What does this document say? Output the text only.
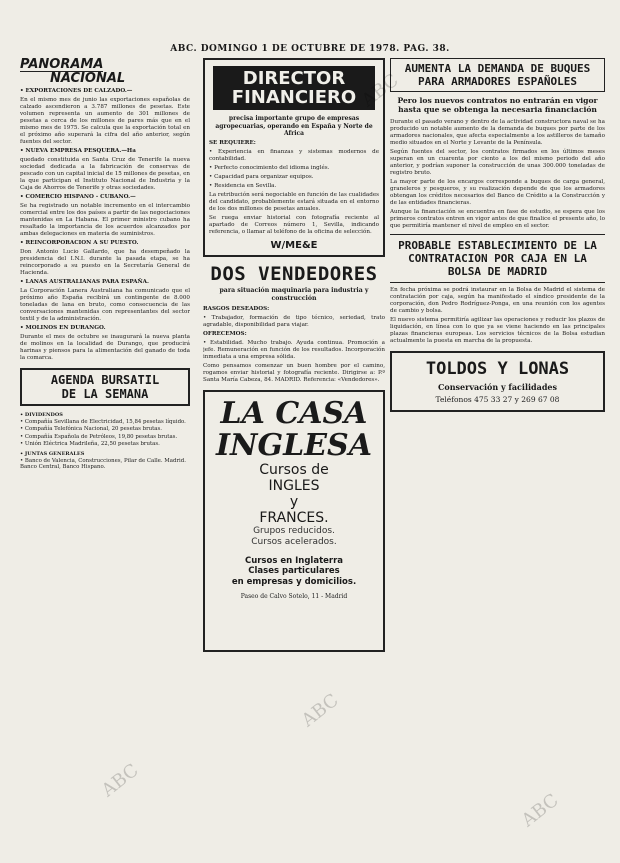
ABC. DOMINGO 1 DE OCTUBRE DE 1978. PAG. 38.
PANORAMA
NACIONAL

• EXPORTACIONES DE CALZADO.—

En el mismo mes de junio las exportaciones españolas de calzado ascendieron a 3.787 millones de pesetas. Este volumen representa un aumento de 301 millones de pesetas a cerca de los millones de pares más que en el mismo mes de 1975. Se calcula que la exportación total en el próximo año superará la cifra del año anterior, según fuentes del sector.

• NUEVA EMPRESA PESQUERA.—Ha

quedado constituida en Santa Cruz de Tenerife la nueva sociedad dedicada a la fabricación de conservas de pescado con un capital inicial de 15 millones de pesetas, en la que participan el Instituto Nacional de Industria y la Caja de Ahorros de Tenerife y otras sociedades.

• COMERCIO HISPANO - CUBANO.—

Se ha registrado un notable incremento en el intercambio comercial entre los dos países a partir de las negociaciones mantenidas en La Habana. El primer ministro cubano ha resaltado la importancia de los acuerdos alcanzados por ambas delegaciones en materia de suministros.

• REINCORPORACION A SU PUESTO.

Don Antonio Lucio Gallardo, que ha desempeñado la presidencia del I.N.I. durante la pasada etapa, se ha reincorporado a su puesto en la Secretaría General de Hacienda.

• LANAS AUSTRALIANAS PARA ESPAÑA.

La Corporación Lanera Australiana ha comunicado que el próximo año España recibirá un contingente de 8.000 toneladas de lana en bruto, como consecuencia de las conversaciones mantenidas con representantes del sector textil y de la administración.

• MOLINOS EN DURANGO.

Durante el mes de octubre se inaugurará la nueva planta de molinos en la localidad de Durango, que producirá harinas y piensos para la alimentación del ganado de toda la comarca.

AGENDA BURSATIL
DE LA SEMANA
• DIVIDENDOS
• Compañía Sevillana de Electricidad, 15,84 pesetas líquido.
• Compañía Telefónica Nacional, 20 pesetas brutas.
• Compañía Española de Petróleos, 19,80 pesetas brutas.
• Unión Eléctrica Madrileña, 22,50 pesetas brutas.
• JUNTAS GENERALES
• Banco de Valencia, Construcciones, Pilar de Calle. Madrid. Banco Central, Banco Hispano.
DIRECTOR
FINANCIERO

precisa importante grupo de empresas agropecuarias, operando en España y Norte de Africa

SE REQUIERE:

• Experiencia en finanzas y sistemas modernos de contabilidad.

• Perfecto conocimiento del idioma inglés.

• Capacidad para organizar equipos.

• Residencia en Sevilla.

La retribución será negociable en función de las cualidades del candidato, probablemente estará situada en el entorno de los dos millones de pesetas anuales.

Se ruega enviar historial con fotografía reciente al apartado de Correos número 1, Sevilla, indicando referencia, o llamar al teléfono de la oficina de selección.

W/ME&E
DOS VENDEDORES
para situación maquinaria para industria y construcción

RASGOS DESEADOS:

• Trabajador, formación de tipo técnico, seriedad, trato agradable, disponibilidad para viajar.

OFRECEMOS:

• Estabilidad. Mucho trabajo. Ayuda continua. Promoción a jefe. Remuneración en función de los resultados. Incorporación inmediata a una empresa sólida.

Como pensamos comenzar un buen hombre por el camino, rogamos enviar historial y fotografía reciente. Dirigirse a: P.º Santa María Cabeza, 84. MADRID. Referencia: «Vendedores».

LA CASA
INGLESA
Cursos de
INGLES
y
FRANCES.
Grupos reducidos.
Cursos acelerados.
Cursos en Inglaterra
Clases particulares
en empresas y domicilios.
Paseo de Calvo Sotelo, 11 - Madrid
AUMENTA LA DEMANDA DE BUQUES PARA ARMADORES ESPAÑOLES
Pero los nuevos contratos no entrarán en vigor hasta que se obtenga la necesaria financiación

Durante el pasado verano y dentro de la actividad constructora naval se ha producido un notable aumento de la demanda de buques por parte de los armadores nacionales, que afecta especialmente a los astilleros de tamaño medio situados en el Norte y Levante de la Península.

Según fuentes del sector, los contratos firmados en los últimos meses superan en un cuarenta por ciento a los del mismo periodo del año anterior, y podrían suponer la construcción de unas 300.000 toneladas de registro bruto.

La mayor parte de los encargos corresponde a buques de carga general, graneleros y pesqueros, y su realización depende de que los armadores obtengan los créditos necesarios del Banco de Crédito a la Construcción y de las entidades financieras.

Aunque la financiación se encuentra en fase de estudio, se espera que los primeros contratos entren en vigor antes de que finalice el presente año, lo que permitiría mantener el nivel de empleo en el sector.

PROBABLE ESTABLECIMIENTO DE LA CONTRATACION POR CAJA EN LA BOLSA DE MADRID

En fecha próxima se podrá instaurar en la Bolsa de Madrid el sistema de contratación por caja, según ha manifestado el síndico presidente de la corporación, don Pedro Rodríguez-Ponga, en una reunión con los agentes de cambio y bolsa.

El nuevo sistema permitiría agilizar las operaciones y reducir los plazos de liquidación, en línea con lo que ya se viene haciendo en las principales plazas financieras europeas. Los servicios técnicos de la Bolsa estudian actualmente la puesta en marcha de la propuesta.

TOLDOS Y LONAS
Conservación y facilidades
Teléfonos 475 33 27 y 269 67 08
ABC
ABC
ABC
ABC
